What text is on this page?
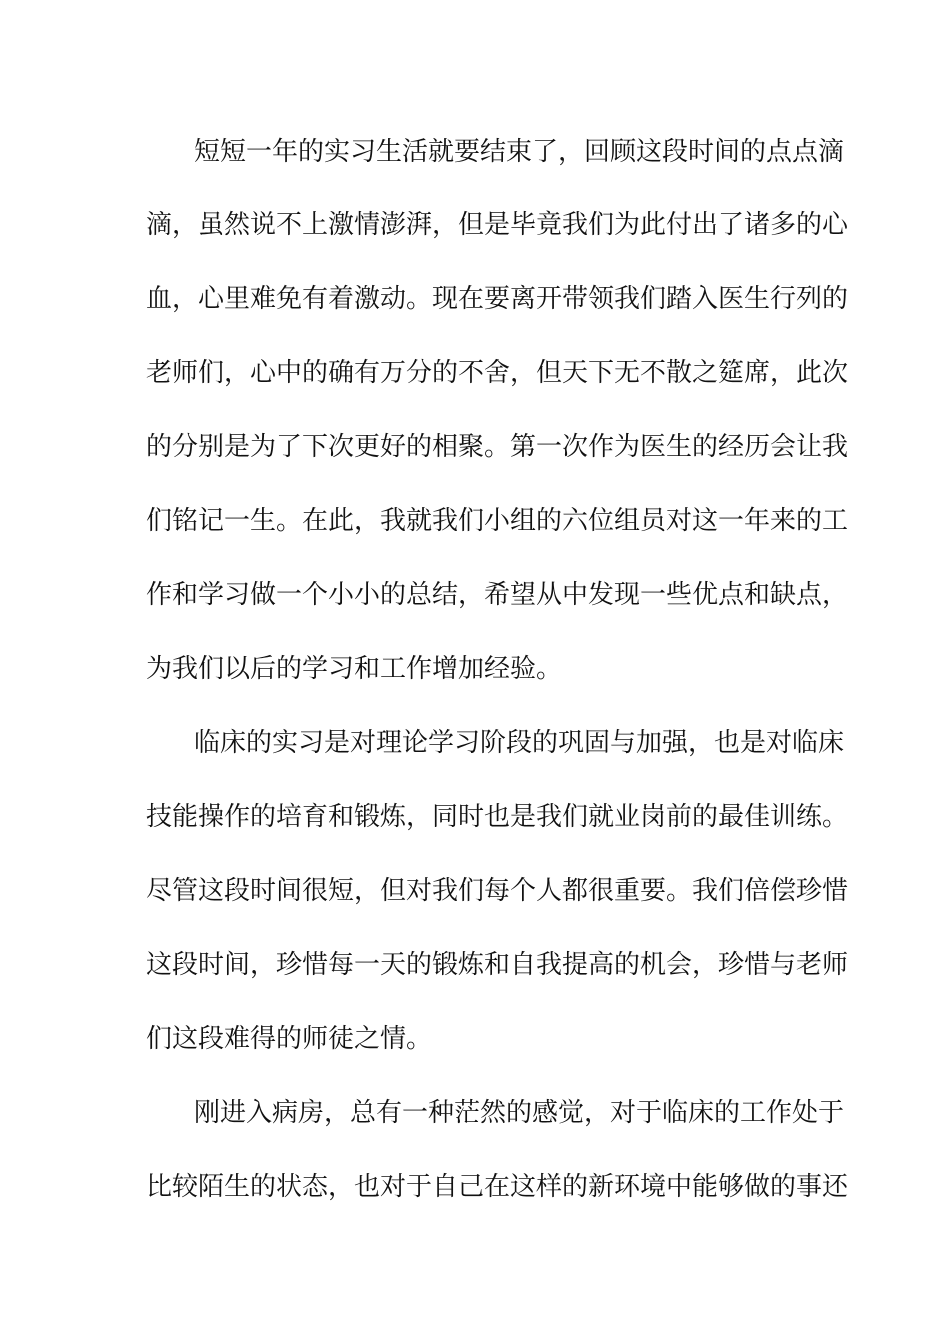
短短一年的实习生活就要结束了，回顾这段时间的点点滴
滴，虽然说不上激情澎湃，但是毕竟我们为此付出了诸多的心
血，心里难免有着激动。现在要离开带领我们踏入医生行列的
老师们，心中的确有万分的不舍，但天下无不散之筵席，此次
的分别是为了下次更好的相聚。第一次作为医生的经历会让我
们铭记一生。在此，我就我们小组的六位组员对这一年来的工
作和学习做一个小小的总结，希望从中发现一些优点和缺点，
为我们以后的学习和工作增加经验。
临床的实习是对理论学习阶段的巩固与加强，也是对临床
技能操作的培育和锻炼，同时也是我们就业岗前的最佳训练。
尽管这段时间很短，但对我们每个人都很重要。我们倍偿珍惜
这段时间，珍惜每一天的锻炼和自我提高的机会，珍惜与老师
们这段难得的师徒之情。
刚进入病房，总有一种茫然的感觉，对于临床的工作处于
比较陌生的状态，也对于自己在这样的新环境中能够做的事还
